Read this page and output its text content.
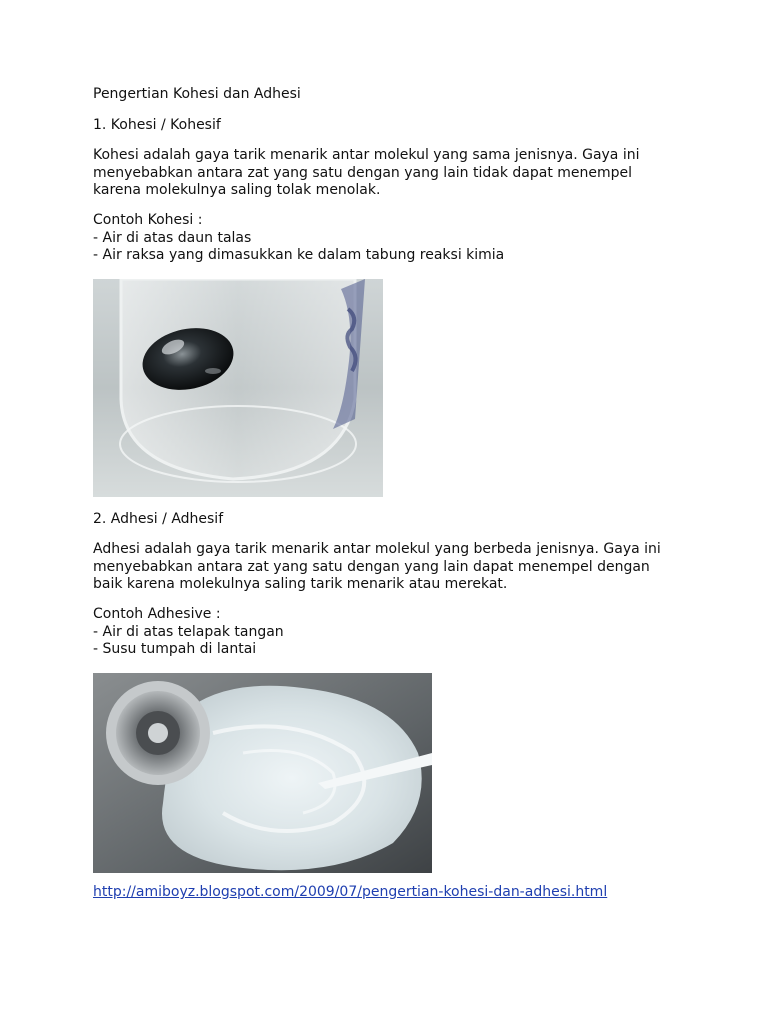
Pengertian Kohesi dan Adhesi
1. Kohesi / Kohesif

Kohesi adalah gaya tarik menarik antar molekul yang sama jenisnya. Gaya ini
menyebabkan antara zat yang satu dengan yang lain tidak dapat menempel
karena molekulnya saling tolak menolak.

Contoh Kohesi :
- Air di atas daun talas
- Air raksa yang dimasukkan ke dalam tabung reaksi kimia

2. Adhesi / Adhesif

Adhesi adalah gaya tarik menarik antar molekul yang berbeda jenisnya. Gaya ini
menyebabkan antara zat yang satu dengan yang lain dapat menempel dengan
baik karena molekulnya saling tarik menarik atau merekat.

Contoh Adhesive :
- Air di atas telapak tangan
- Susu tumpah di lantai

http://amiboyz.blogspot.com/2009/07/pengertian-kohesi-dan-adhesi.html
